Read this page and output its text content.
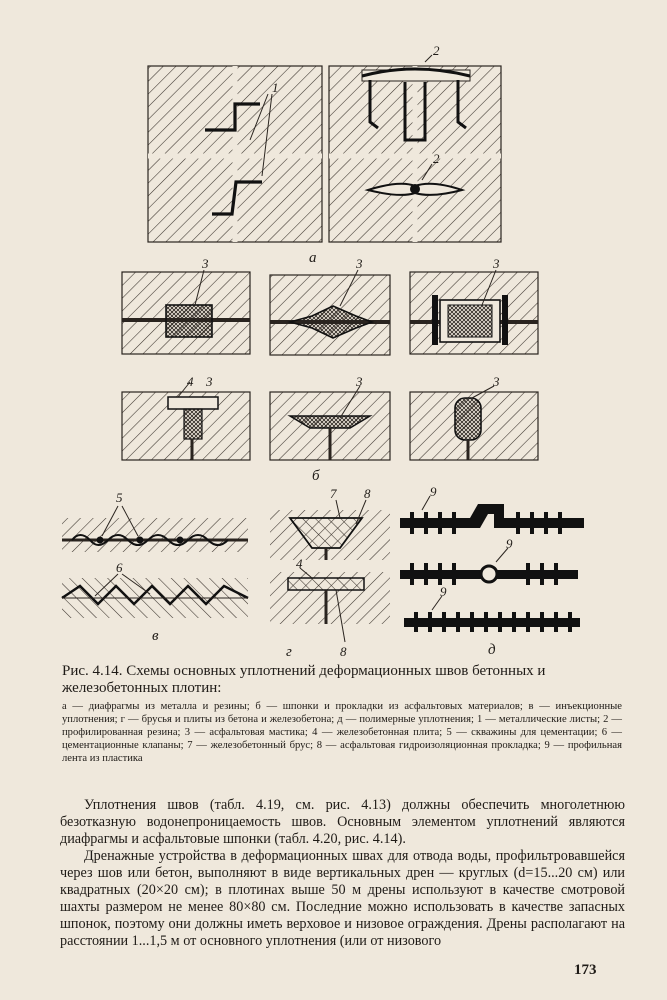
1
2
2
а
3	3	3
4 3	3	3
б
5
6
в
7 8
4
8
г
9
9
9
д
Рис. 4.14. Схемы основных уплотнений деформационных швов бетонных и железобетонных плотин:
а — диафрагмы из металла и резины; б — шпонки и прокладки из асфальтовых материалов; в — инъекционные уплотнения; г — брусья и плиты из бетона и железобетона; д — полимерные уплотнения; 1 — металлические листы; 2 — профилированная резина; 3 — асфальтовая мастика; 4 — железобетонная плита; 5 — скважины для цементации; 6 — цементационные клапаны; 7 — железобетонный брус; 8 — асфальтовая гидроизоляционная прокладка; 9 — профильная лента из пластика

Уплотнения швов (табл. 4.19, см. рис. 4.13) должны обеспечить многолетнюю безотказную водонепроницаемость швов. Основным элементом уплотнений являются диафрагмы и асфальтовые шпонки (табл. 4.20, рис. 4.14).

Дренажные устройства в деформационных швах для отвода воды, профильтровавшейся через шов или бетон, выполняют в виде вертикальных дрен — круглых (d=15...20 см) или квадратных (20×20 см); в плотинах выше 50 м дрены используют в качестве смотровой шахты размером не менее 80×80 см. Последние можно использовать в качестве запасных шпонок, поэтому они должны иметь верховое и низовое ограждения. Дрены располагают на расстоянии 1...1,5 м от основного уплотнения (или от низового

173
